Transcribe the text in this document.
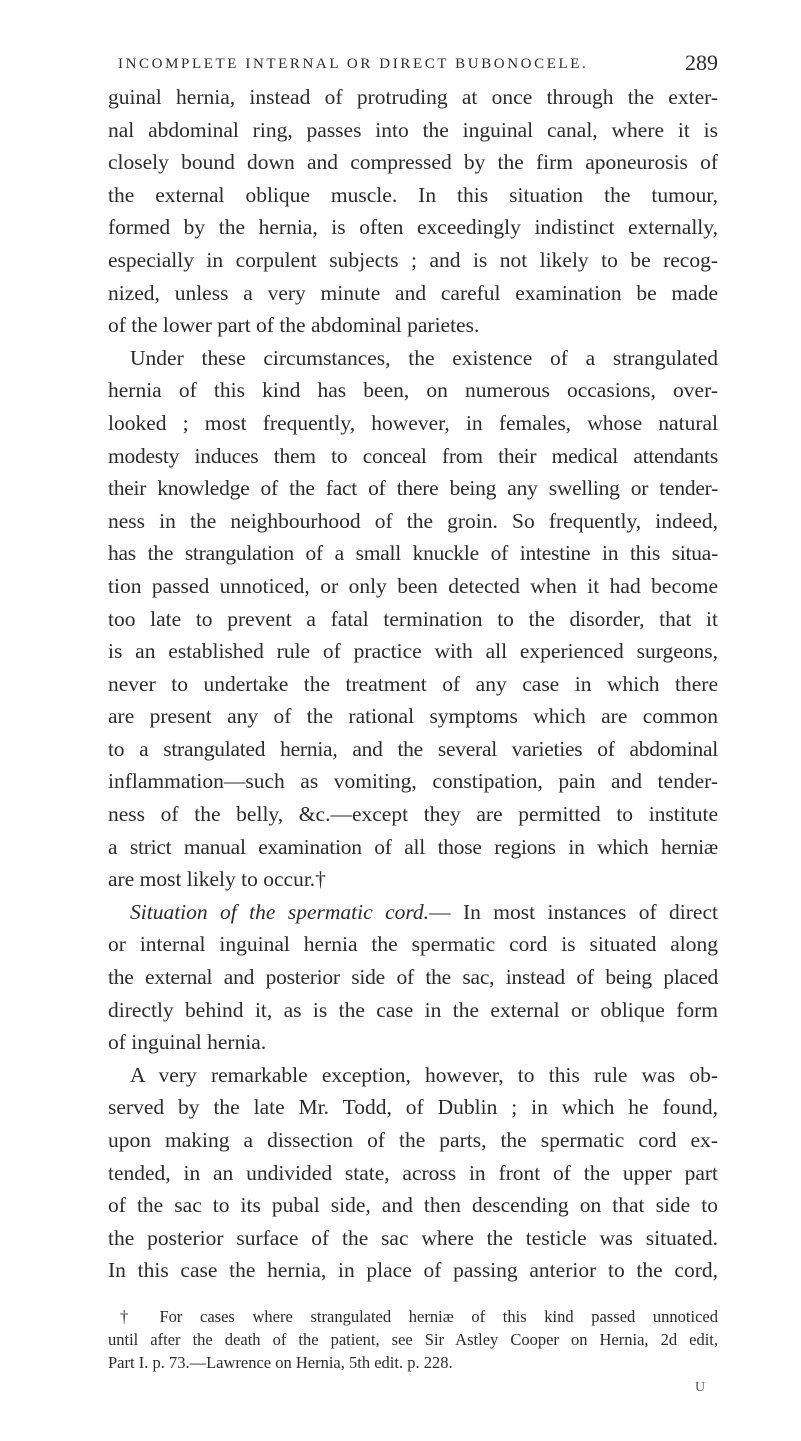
INCOMPLETE INTERNAL OR DIRECT BUBONOCELE.	289
guinal hernia, instead of protruding at once through the exter-
nal abdominal ring, passes into the inguinal canal, where it is
closely bound down and compressed by the firm aponeurosis of
the external oblique muscle. In this situation the tumour,
formed by the hernia, is often exceedingly indistinct externally,
especially in corpulent subjects ; and is not likely to be recog-
nized, unless a very minute and careful examination be made
of the lower part of the abdominal parietes.
Under these circumstances, the existence of a strangulated
hernia of this kind has been, on numerous occasions, over-
looked ; most frequently, however, in females, whose natural
modesty induces them to conceal from their medical attendants
their knowledge of the fact of there being any swelling or tender-
ness in the neighbourhood of the groin. So frequently, indeed,
has the strangulation of a small knuckle of intestine in this situa-
tion passed unnoticed, or only been detected when it had become
too late to prevent a fatal termination to the disorder, that it
is an established rule of practice with all experienced surgeons,
never to undertake the treatment of any case in which there
are present any of the rational symptoms which are common
to a strangulated hernia, and the several varieties of abdominal
inflammation—such as vomiting, constipation, pain and tender-
ness of the belly, &c.—except they are permitted to institute
a strict manual examination of all those regions in which herniæ
are most likely to occur.†
Situation of the spermatic cord.— In most instances of direct
or internal inguinal hernia the spermatic cord is situated along
the external and posterior side of the sac, instead of being placed
directly behind it, as is the case in the external or oblique form
of inguinal hernia.
A very remarkable exception, however, to this rule was ob-
served by the late Mr. Todd, of Dublin ; in which he found,
upon making a dissection of the parts, the spermatic cord ex-
tended, in an undivided state, across in front of the upper part
of the sac to its pubal side, and then descending on that side to
the posterior surface of the sac where the testicle was situated.
In this case the hernia, in place of passing anterior to the cord,
† For cases where strangulated herniæ of this kind passed unnoticed
until after the death of the patient, see Sir Astley Cooper on Hernia, 2d edit,
Part I. p. 73.—Lawrence on Hernia, 5th edit. p. 228.
U
